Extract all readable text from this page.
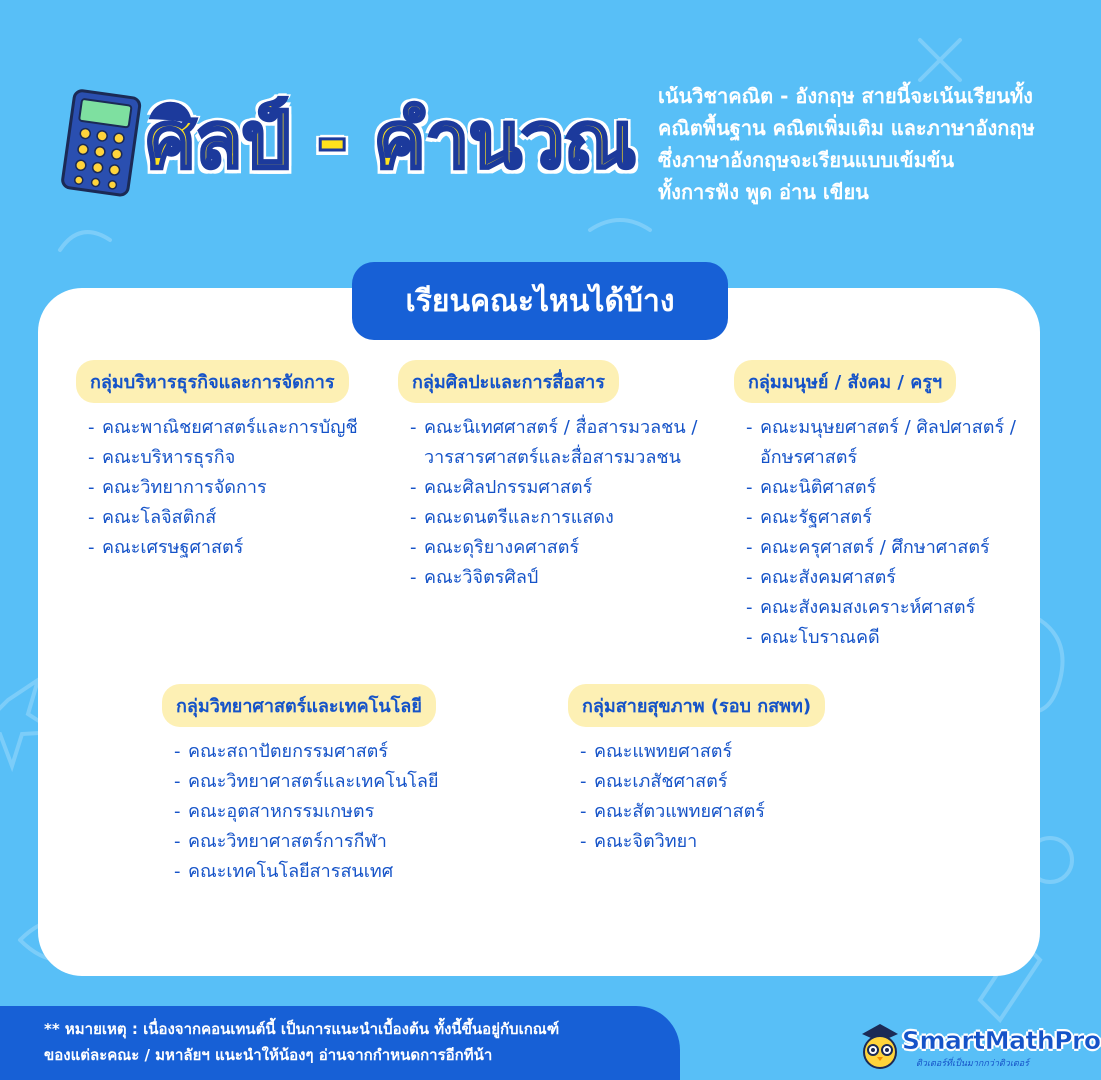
ศิลป์ - คำนวณ เน้นวิชาคณิต - อังกฤษ สายนี้จะเน้นเรียนทั้ง
คณิตพื้นฐาน คณิตเพิ่มเติม และภาษาอังกฤษ
ซึ่งภาษาอังกฤษจะเรียนแบบเข้มข้น
ทั้งการฟัง พูด อ่าน เขียน
เรียนคณะไหนได้บ้าง
กลุ่มบริหารธุรกิจและการจัดการ
- คณะพาณิชยศาสตร์และการบัญชี
- คณะบริหารธุรกิจ
- คณะวิทยาการจัดการ
- คณะโลจิสติกส์
- คณะเศรษฐศาสตร์
กลุ่มศิลปะและการสื่อสาร
- คณะนิเทศศาสตร์ / สื่อสารมวลชน /
วารสารศาสตร์และสื่อสารมวลชน
- คณะศิลปกรรมศาสตร์
- คณะดนตรีและการแสดง
- คณะดุริยางคศาสตร์
- คณะวิจิตรศิลป์
กลุ่มมนุษย์ / สังคม / ครูฯ
- คณะมนุษยศาสตร์ / ศิลปศาสตร์ /
อักษรศาสตร์
- คณะนิติศาสตร์
- คณะรัฐศาสตร์
- คณะครุศาสตร์ / ศึกษาศาสตร์
- คณะสังคมศาสตร์
- คณะสังคมสงเคราะห์ศาสตร์
- คณะโบราณคดี
กลุ่มวิทยาศาสตร์และเทคโนโลยี
- คณะสถาปัตยกรรมศาสตร์
- คณะวิทยาศาสตร์และเทคโนโลยี
- คณะอุตสาหกรรมเกษตร
- คณะวิทยาศาสตร์การกีฬา
- คณะเทคโนโลยีสารสนเทศ
กลุ่มสายสุขภาพ (รอบ กสพท)
- คณะแพทยศาสตร์
- คณะเภสัชศาสตร์
- คณะสัตวแพทยศาสตร์
- คณะจิตวิทยา
** หมายเหตุ : เนื่องจากคอนเทนต์นี้ เป็นการแนะนำเบื้องต้น ทั้งนี้ขึ้นอยู่กับเกณฑ์
ของแต่ละคณะ / มหาลัยฯ แนะนำให้น้องๆ อ่านจากกำหนดการอีกทีน้า	SmartMathPro
ติวเตอร์ที่เป็นมากกว่าติวเตอร์
